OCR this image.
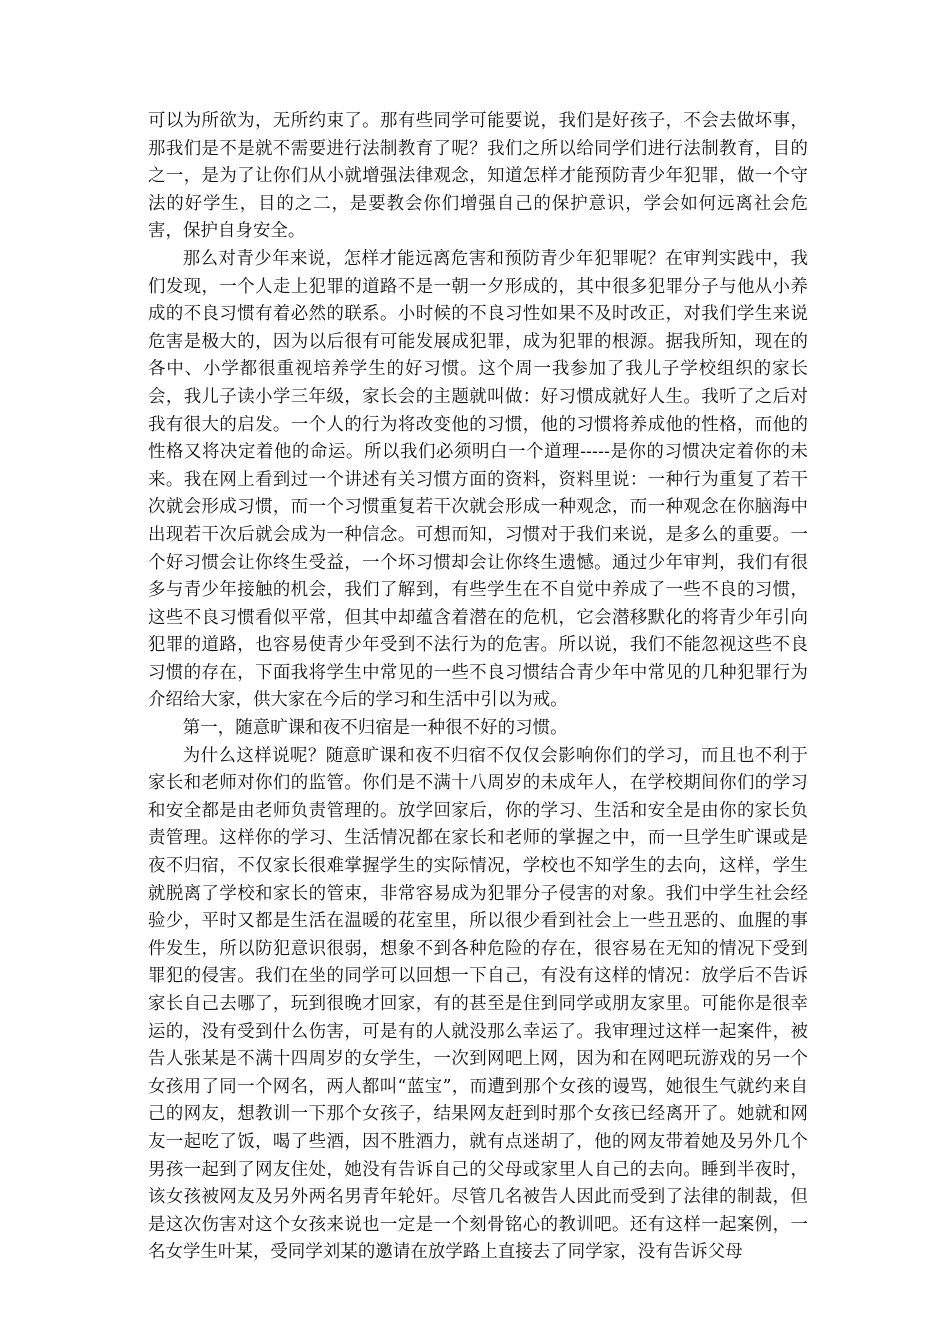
可以为所欲为，无所约束了。那有些同学可能要说，我们是好孩子，不会去做坏事，那我们是不是就不需要进行法制教育了呢？我们之所以给同学们进行法制教育，目的之一，是为了让你们从小就增强法律观念，知道怎样才能预防青少年犯罪，做一个守法的好学生，目的之二，是要教会你们增强自己的保护意识，学会如何远离社会危害，保护自身安全。

那么对青少年来说，怎样才能远离危害和预防青少年犯罪呢？在审判实践中，我们发现，一个人走上犯罪的道路不是一朝一夕形成的，其中很多犯罪分子与他从小养成的不良习惯有着必然的联系。小时候的不良习性如果不及时改正，对我们学生来说危害是极大的，因为以后很有可能发展成犯罪，成为犯罪的根源。据我所知，现在的各中、小学都很重视培养学生的好习惯。这个周一我参加了我儿子学校组织的家长会，我儿子读小学三年级，家长会的主题就叫做：好习惯成就好人生。我听了之后对我有很大的启发。一个人的行为将改变他的习惯，他的习惯将养成他的性格，而他的性格又将决定着他的命运。所以我们必须明白一个道理-----是你的习惯决定着你的未来。我在网上看到过一个讲述有关习惯方面的资料，资料里说：一种行为重复了若干次就会形成习惯，而一个习惯重复若干次就会形成一种观念，而一种观念在你脑海中出现若干次后就会成为一种信念。可想而知，习惯对于我们来说，是多么的重要。一个好习惯会让你终生受益，一个坏习惯却会让你终生遗憾。通过少年审判，我们有很多与青少年接触的机会，我们了解到，有些学生在不自觉中养成了一些不良的习惯，这些不良习惯看似平常，但其中却蕴含着潜在的危机，它会潜移默化的将青少年引向犯罪的道路，也容易使青少年受到不法行为的危害。所以说，我们不能忽视这些不良习惯的存在，下面我将学生中常见的一些不良习惯结合青少年中常见的几种犯罪行为介绍给大家，供大家在今后的学习和生活中引以为戒。

第一，随意旷课和夜不归宿是一种很不好的习惯。

为什么这样说呢？随意旷课和夜不归宿不仅仅会影响你们的学习，而且也不利于家长和老师对你们的监管。你们是不满十八周岁的未成年人，在学校期间你们的学习和安全都是由老师负责管理的。放学回家后，你的学习、生活和安全是由你的家长负责管理。这样你的学习、生活情况都在家长和老师的掌握之中，而一旦学生旷课或是夜不归宿，不仅家长很难掌握学生的实际情况，学校也不知学生的去向，这样，学生就脱离了学校和家长的管束，非常容易成为犯罪分子侵害的对象。我们中学生社会经验少，平时又都是生活在温暖的花室里，所以很少看到社会上一些丑恶的、血腥的事件发生，所以防犯意识很弱，想象不到各种危险的存在，很容易在无知的情况下受到罪犯的侵害。我们在坐的同学可以回想一下自己，有没有这样的情况：放学后不告诉家长自己去哪了，玩到很晚才回家，有的甚至是住到同学或朋友家里。可能你是很幸运的，没有受到什么伤害，可是有的人就没那么幸运了。我审理过这样一起案件，被告人张某是不满十四周岁的女学生，一次到网吧上网，因为和在网吧玩游戏的另一个女孩用了同一个网名，两人都叫“蓝宝”，而遭到那个女孩的谩骂，她很生气就约来自己的网友，想教训一下那个女孩子，结果网友赶到时那个女孩已经离开了。她就和网友一起吃了饭，喝了些酒，因不胜酒力，就有点迷胡了，他的网友带着她及另外几个男孩一起到了网友住处，她没有告诉自己的父母或家里人自己的去向。睡到半夜时，该女孩被网友及另外两名男青年轮奸。尽管几名被告人因此而受到了法律的制裁，但是这次伤害对这个女孩来说也一定是一个刻骨铭心的教训吧。还有这样一起案例，一名女学生叶某，受同学刘某的邀请在放学路上直接去了同学家，没有告诉父母
